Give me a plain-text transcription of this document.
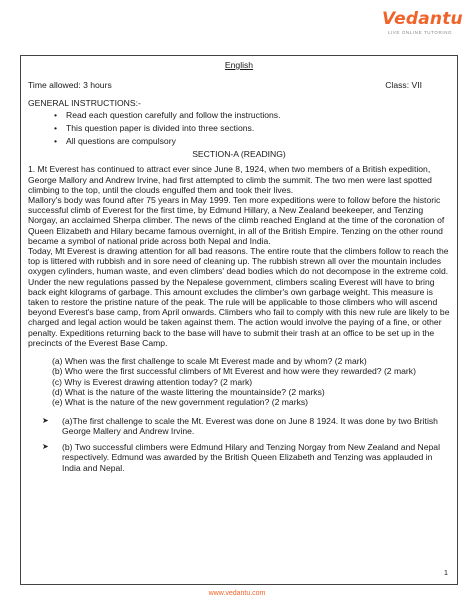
Vedantu
LIVE ONLINE TUTORING
English
Time allowed: 3 hours	Class: VII
GENERAL INSTRUCTIONS:-
• Read each question carefully and follow the instructions.
• This question paper is divided into three sections.
• All questions are compulsory
SECTION-A (READING)

1. Mt Everest has continued to attract ever since June 8, 1924, when two members of a British expedition, George Mallory and Andrew Irvine, had first attempted to climb the summit. The two men were last spotted climbing to the top, until the clouds engulfed them and took their lives.

Mallory's body was found after 75 years in May 1999. Ten more expeditions were to follow before the historic successful climb of Everest for the first time, by Edmund Hillary, a New Zealand beekeeper, and Tenzing Norgay, an acclaimed Sherpa climber. The news of the climb reached England at the time of the coronation of Queen Elizabeth and Hilary became famous overnight, in all of the British Empire. Tenzing on the other round became a symbol of national pride across both Nepal and India.

Today, Mt Everest is drawing attention for all bad reasons. The entire route that the climbers follow to reach the top is littered with rubbish and in sore need of cleaning up. The rubbish strewn all over the mountain includes oxygen cylinders, human waste, and even climbers' dead bodies which do not decompose in the extreme cold.

Under the new regulations passed by the Nepalese government, climbers scaling Everest will have to bring back eight kilograms of garbage. This amount excludes the climber's own garbage weight. This measure is taken to restore the pristine nature of the peak. The rule will be applicable to those climbers who will ascend beyond Everest's base camp, from April onwards. Climbers who fail to comply with this new rule are likely to be charged and legal action would be taken against them. The action would involve the paying of a fine, or other penalty. Expeditions returning back to the base will have to submit their trash at an office to be set up in the precincts of the Everest Base Camp.

(a) When was the first challenge to scale Mt Everest made and by whom? (2 mark)
(b) Who were the first successful climbers of Mt Everest and how were they rewarded? (2 mark)
(c) Why is Everest drawing attention today? (2 mark)
(d) What is the nature of the waste littering the mountainside? (2 marks)
(e) What is the nature of the new government regulation? (2 marks)
➤ (a)The first challenge to scale the Mt. Everest was done on June 8 1924. It was done by two British George Mallery and Andrew Irvine.
➤ (b) Two successful climbers were Edmund Hilary and Tenzing Norgay from New Zealand and Nepal respectively. Edmund was awarded by the British Queen Elizabeth and Tenzing was applauded in India and Nepal.
1
www.vedantu.com
